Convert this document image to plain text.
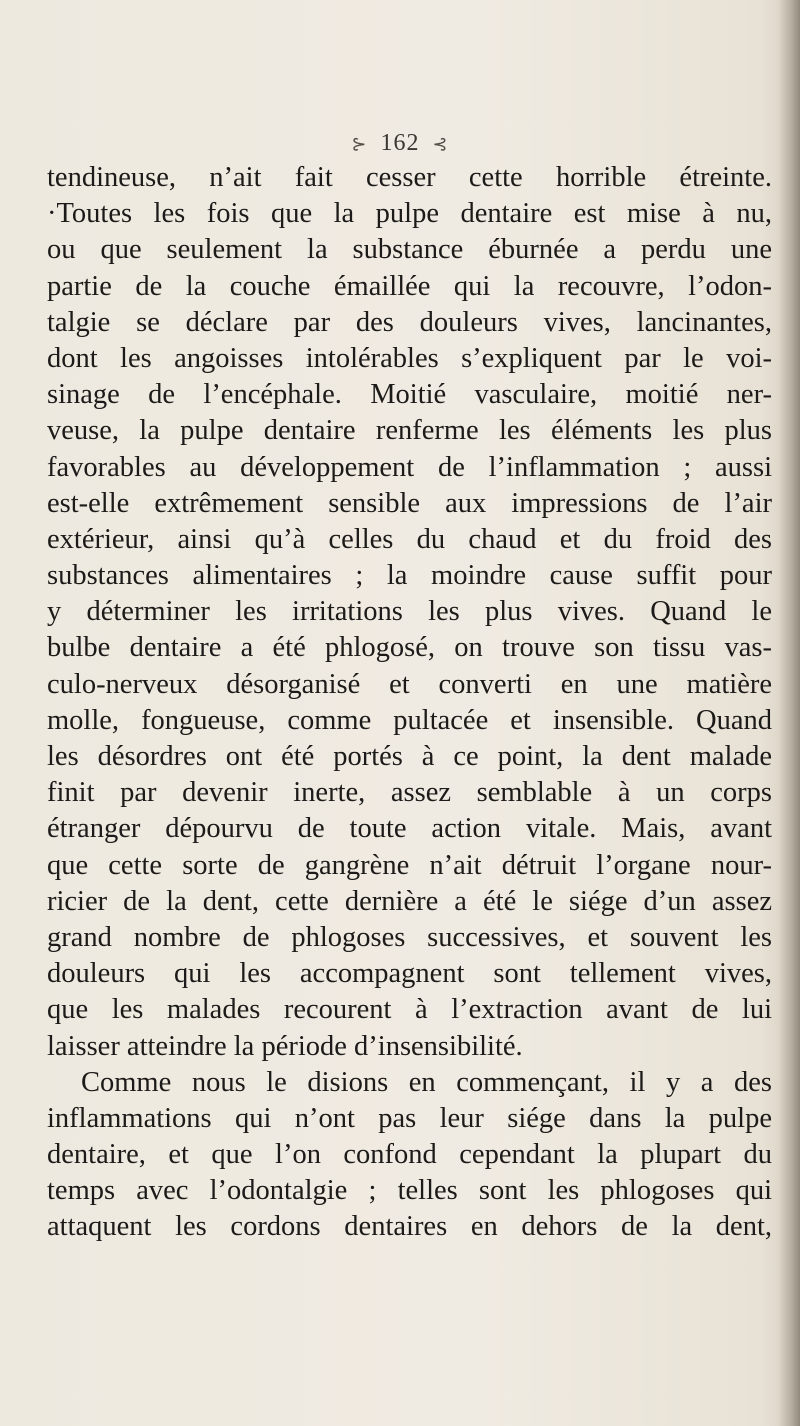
⊱ 162 ⊰
tendineuse, n’ait fait cesser cette horrible étreinte.
·Toutes les fois que la pulpe dentaire est mise à nu,
ou que seulement la substance éburnée a perdu une
partie de la couche émaillée qui la recouvre, l’odon-
talgie se déclare par des douleurs vives, lancinantes,
dont les angoisses intolérables s’expliquent par le voi-
sinage de l’encéphale. Moitié vasculaire, moitié ner-
veuse, la pulpe dentaire renferme les éléments les plus
favorables au développement de l’inflammation ; aussi
est-elle extrêmement sensible aux impressions de l’air
extérieur, ainsi qu’à celles du chaud et du froid des
substances alimentaires ; la moindre cause suffit pour
y déterminer les irritations les plus vives. Quand le
bulbe dentaire a été phlogosé, on trouve son tissu vas-
culo-nerveux désorganisé et converti en une matière
molle, fongueuse, comme pultacée et insensible. Quand
les désordres ont été portés à ce point, la dent malade
finit par devenir inerte, assez semblable à un corps
étranger dépourvu de toute action vitale. Mais, avant
que cette sorte de gangrène n’ait détruit l’organe nour-
ricier de la dent, cette dernière a été le siége d’un assez
grand nombre de phlogoses successives, et souvent les
douleurs qui les accompagnent sont tellement vives,
que les malades recourent à l’extraction avant de lui
laisser atteindre la période d’insensibilité.
Comme nous le disions en commençant, il y a des
inflammations qui n’ont pas leur siége dans la pulpe
dentaire, et que l’on confond cependant la plupart du
temps avec l’odontalgie ; telles sont les phlogoses qui
attaquent les cordons dentaires en dehors de la dent,
